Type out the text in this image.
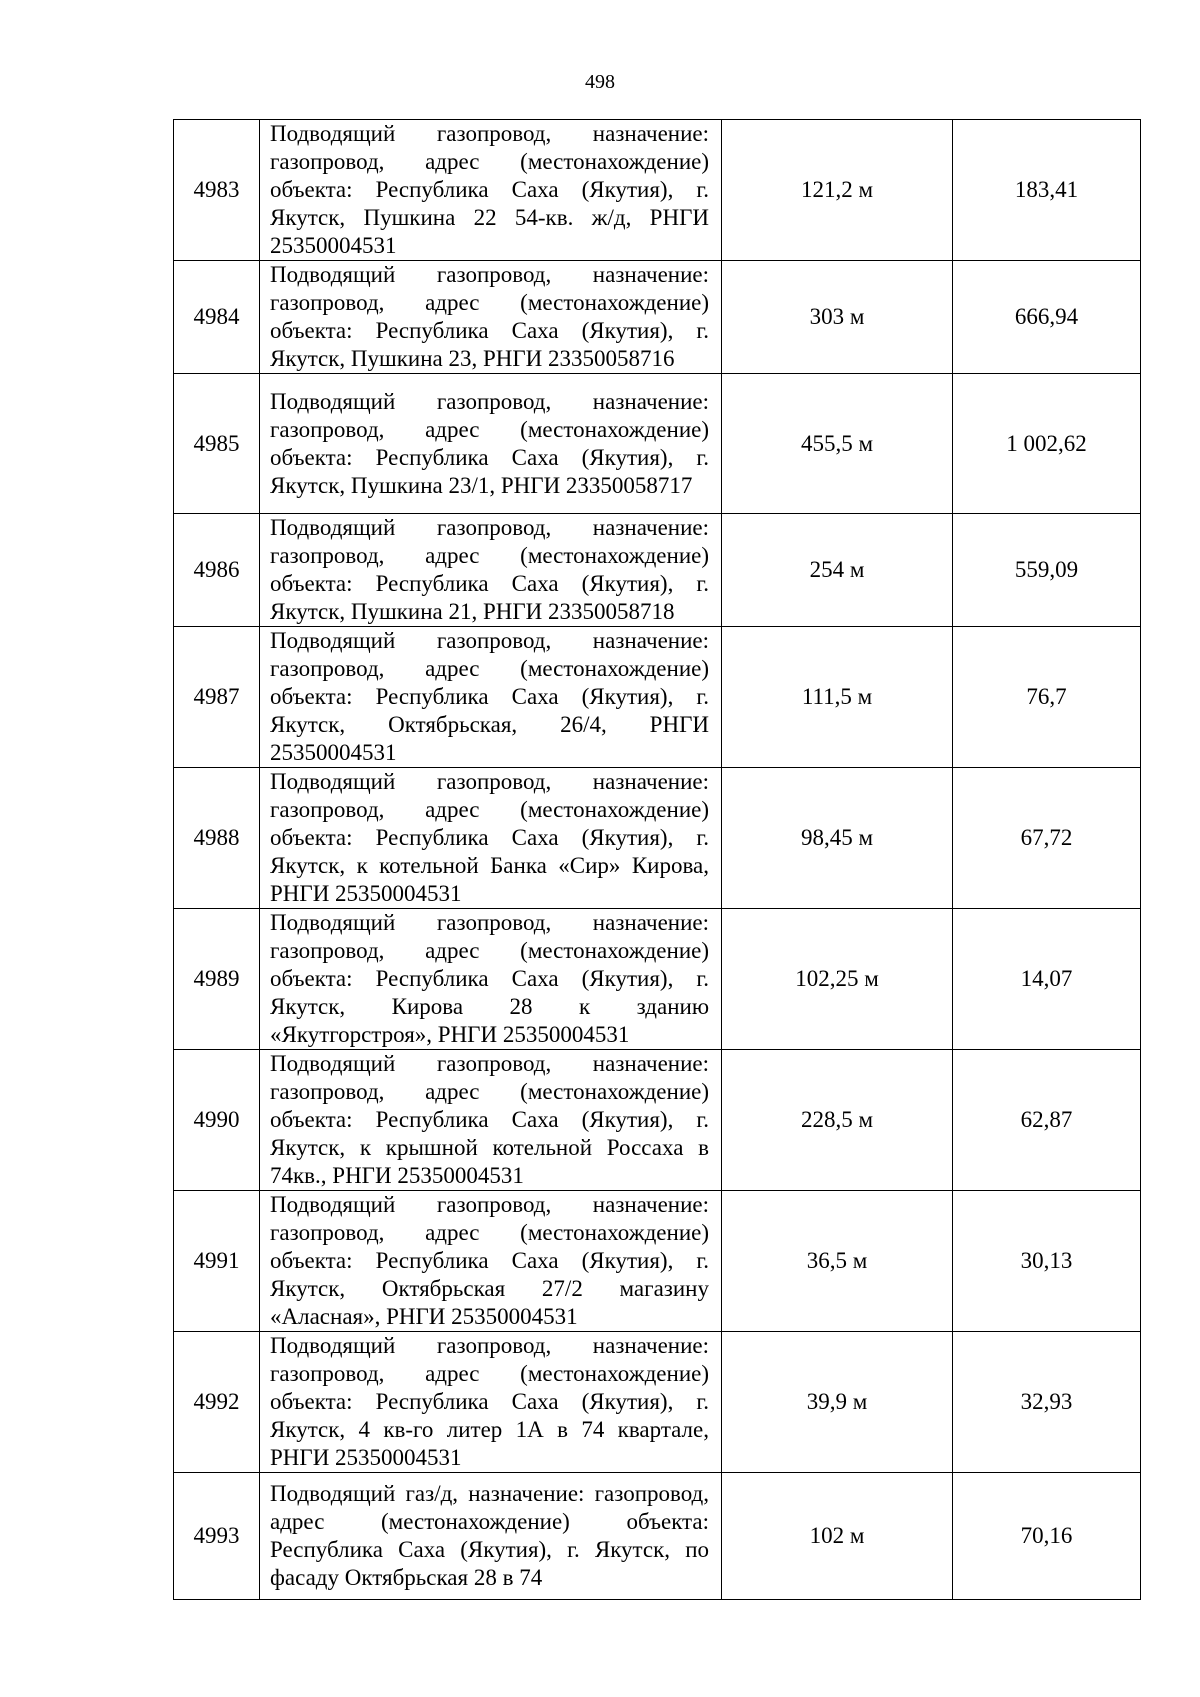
498
4983	Подводящий газопровод, назначение: газопровод, адрес (местонахождение) объекта: Республика Саха (Якутия), г. Якутск, Пушкина 22 54-кв. ж/д, РНГИ 25350004531	121,2 м	183,41
4984	Подводящий газопровод, назначение: газопровод, адрес (местонахождение) объекта: Республика Саха (Якутия), г. Якутск, Пушкина 23, РНГИ 23350058716	303 м	666,94
4985	Подводящий газопровод, назначение: газопровод, адрес (местонахождение) объекта: Республика Саха (Якутия), г. Якутск, Пушкина 23/1, РНГИ 23350058717	455,5 м	1 002,62
4986	Подводящий газопровод, назначение: газопровод, адрес (местонахождение) объекта: Республика Саха (Якутия), г. Якутск, Пушкина 21, РНГИ 23350058718	254 м	559,09
4987	Подводящий газопровод, назначение: газопровод, адрес (местонахождение) объекта: Республика Саха (Якутия), г. Якутск, Октябрьская, 26/4, РНГИ 25350004531	111,5 м	76,7
4988	Подводящий газопровод, назначение: газопровод, адрес (местонахождение) объекта: Республика Саха (Якутия), г. Якутск, к котельной Банка «Сир» Кирова, РНГИ 25350004531	98,45 м	67,72
4989	Подводящий газопровод, назначение: газопровод, адрес (местонахождение) объекта: Республика Саха (Якутия), г. Якутск, Кирова 28 к зданию «Якутгорстроя», РНГИ 25350004531	102,25 м	14,07
4990	Подводящий газопровод, назначение: газопровод, адрес (местонахождение) объекта: Республика Саха (Якутия), г. Якутск, к крышной котельной Россаха в 74кв., РНГИ 25350004531	228,5 м	62,87
4991	Подводящий газопровод, назначение: газопровод, адрес (местонахождение) объекта: Республика Саха (Якутия), г. Якутск, Октябрьская 27/2 магазину «Аласная», РНГИ 25350004531	36,5 м	30,13
4992	Подводящий газопровод, назначение: газопровод, адрес (местонахождение) объекта: Республика Саха (Якутия), г. Якутск, 4 кв-го литер 1А в 74 квартале, РНГИ 25350004531	39,9 м	32,93
4993	Подводящий газ/д, назначение: газопровод, адрес (местонахождение) объекта: Республика Саха (Якутия), г. Якутск, по фасаду Октябрьская 28 в 74	102 м	70,16
